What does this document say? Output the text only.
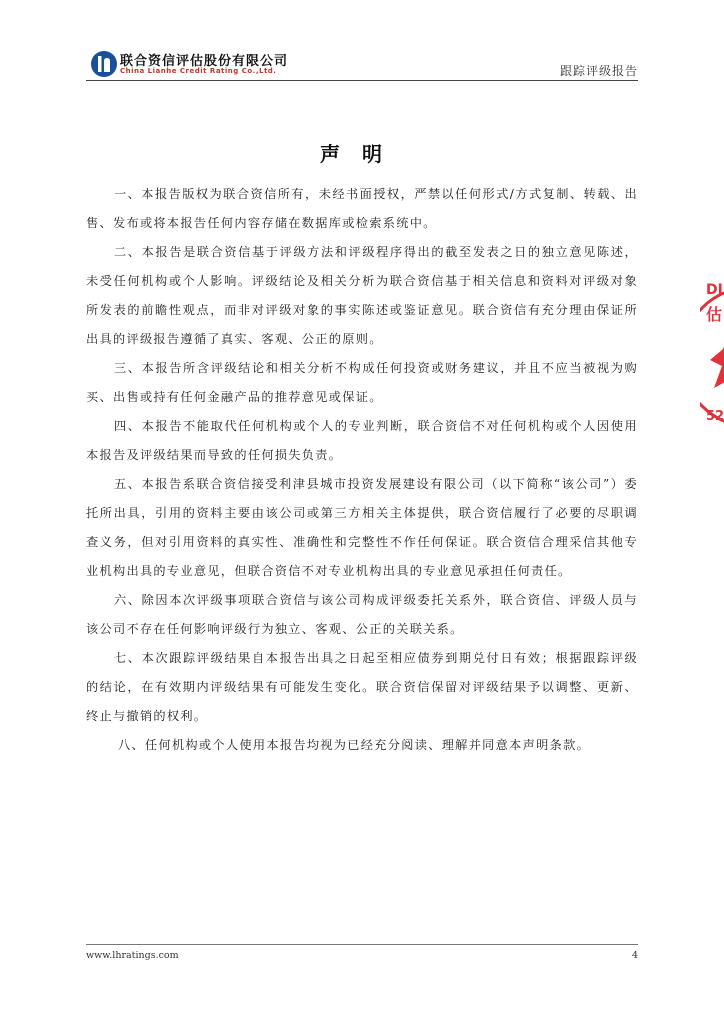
联合资信评估股份有限公司
China Lianhe Credit Rating Co.,Ltd.	跟踪评级报告
DI
估
52
声明

一、本报告版权为联合资信所有，未经书面授权，严禁以任何形式/方式复制、转载、出售、发布或将本报告任何内容存储在数据库或检索系统中。

二、本报告是联合资信基于评级方法和评级程序得出的截至发表之日的独立意见陈述，未受任何机构或个人影响。评级结论及相关分析为联合资信基于相关信息和资料对评级对象所发表的前瞻性观点，而非对评级对象的事实陈述或鉴证意见。联合资信有充分理由保证所出具的评级报告遵循了真实、客观、公正的原则。

三、本报告所含评级结论和相关分析不构成任何投资或财务建议，并且不应当被视为购买、出售或持有任何金融产品的推荐意见或保证。

四、本报告不能取代任何机构或个人的专业判断，联合资信不对任何机构或个人因使用本报告及评级结果而导致的任何损失负责。

五、本报告系联合资信接受利津县城市投资发展建设有限公司（以下简称“该公司”）委托所出具，引用的资料主要由该公司或第三方相关主体提供，联合资信履行了必要的尽职调查义务，但对引用资料的真实性、准确性和完整性不作任何保证。联合资信合理采信其他专业机构出具的专业意见，但联合资信不对专业机构出具的专业意见承担任何责任。

六、除因本次评级事项联合资信与该公司构成评级委托关系外，联合资信、评级人员与该公司不存在任何影响评级行为独立、客观、公正的关联关系。

七、本次跟踪评级结果自本报告出具之日起至相应债券到期兑付日有效；根据跟踪评级的结论，在有效期内评级结果有可能发生变化。联合资信保留对评级结果予以调整、更新、终止与撤销的权利。

八、任何机构或个人使用本报告均视为已经充分阅读、理解并同意本声明条款。

www.lhratings.com	4
